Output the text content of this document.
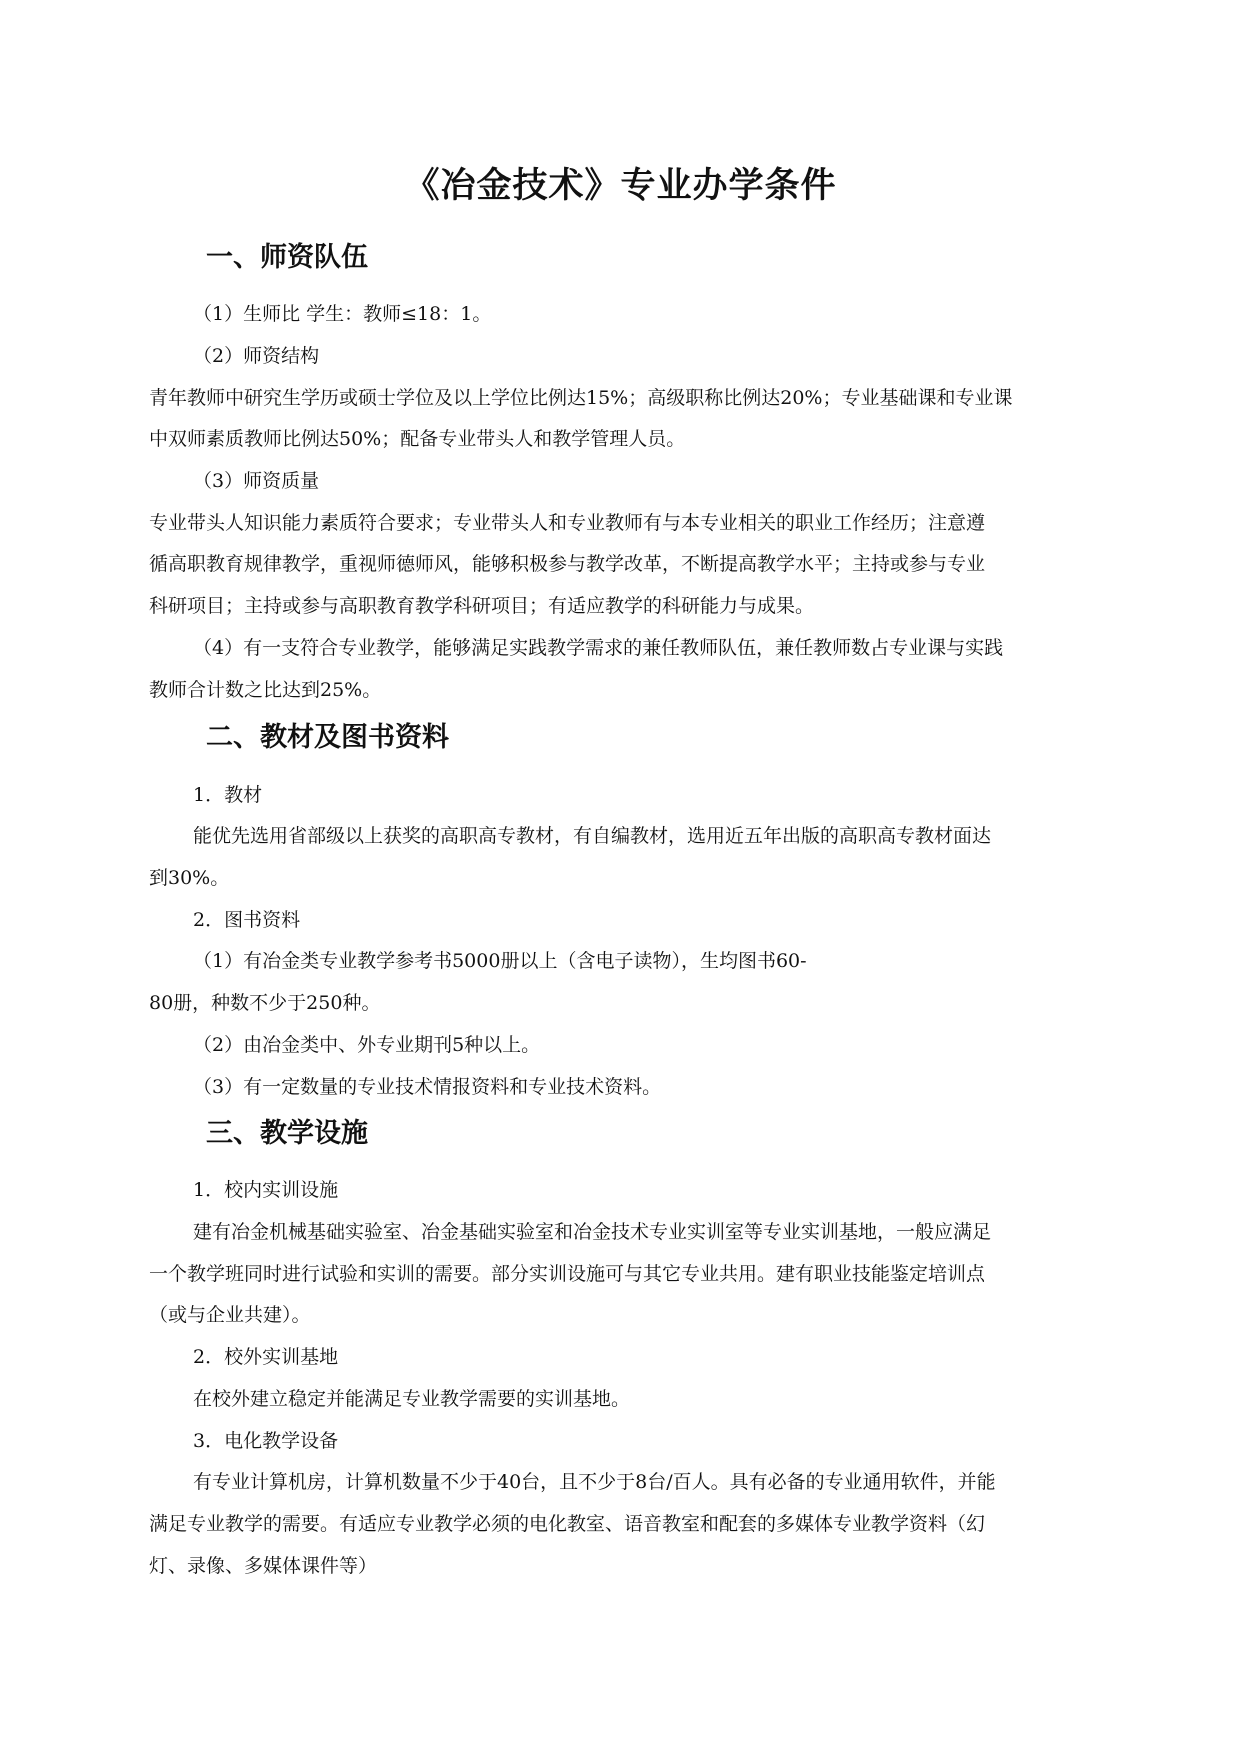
《冶金技术》专业办学条件
一、师资队伍
（1）生师比 学生：教师≤18：1。
（2）师资结构
青年教师中研究生学历或硕士学位及以上学位比例达15%；高级职称比例达20%；专业基础课和专业课
中双师素质教师比例达50%；配备专业带头人和教学管理人员。
（3）师资质量
专业带头人知识能力素质符合要求；专业带头人和专业教师有与本专业相关的职业工作经历；注意遵
循高职教育规律教学，重视师德师风，能够积极参与教学改革，不断提高教学水平；主持或参与专业
科研项目；主持或参与高职教育教学科研项目；有适应教学的科研能力与成果。
（4）有一支符合专业教学，能够满足实践教学需求的兼任教师队伍，兼任教师数占专业课与实践
教师合计数之比达到25%。
二、教材及图书资料
1．教材
能优先选用省部级以上获奖的高职高专教材，有自编教材，选用近五年出版的高职高专教材面达
到30%。
2．图书资料
（1）有冶金类专业教学参考书5000册以上（含电子读物），生均图书60-
80册，种数不少于250种。
（2）由冶金类中、外专业期刊5种以上。
（3）有一定数量的专业技术情报资料和专业技术资料。
三、教学设施
1．校内实训设施
建有冶金机械基础实验室、冶金基础实验室和冶金技术专业实训室等专业实训基地，一般应满足
一个教学班同时进行试验和实训的需要。部分实训设施可与其它专业共用。建有职业技能鉴定培训点
（或与企业共建）。
2．校外实训基地
在校外建立稳定并能满足专业教学需要的实训基地。
3．电化教学设备
有专业计算机房，计算机数量不少于40台，且不少于8台/百人。具有必备的专业通用软件，并能
满足专业教学的需要。有适应专业教学必须的电化教室、语音教室和配套的多媒体专业教学资料（幻
灯、录像、多媒体课件等）
